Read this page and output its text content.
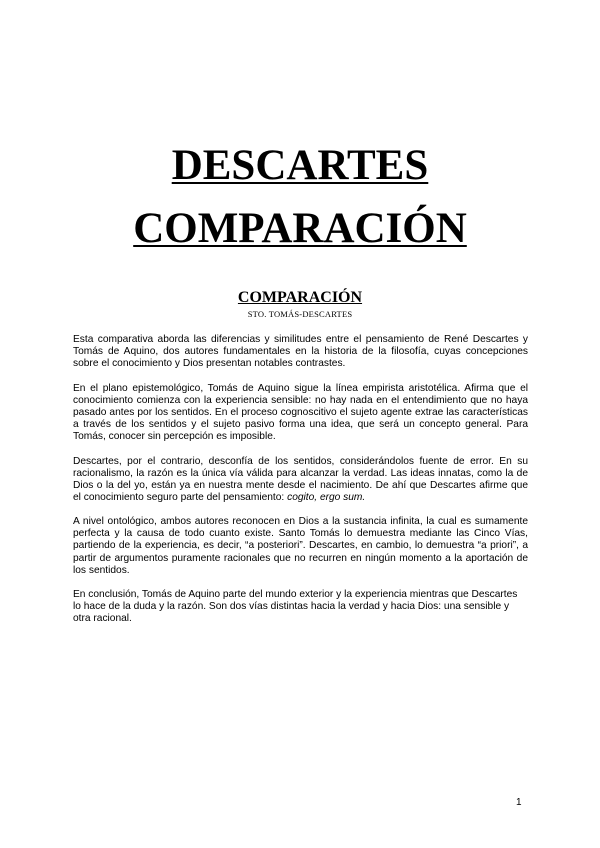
DESCARTES
COMPARACIÓN
COMPARACIÓN
STO. TOMÁS-DESCARTES

Esta comparativa aborda las diferencias y similitudes entre el pensamiento de René Descartes y Tomás de Aquino, dos autores fundamentales en la historia de la filosofía, cuyas concepciones sobre el conocimiento y Dios presentan notables contrastes.

En el plano epistemológico, Tomás de Aquino sigue la línea empirista aristotélica. Afirma que el conocimiento comienza con la experiencia sensible: no hay nada en el entendimiento que no haya pasado antes por los sentidos. En el proceso cognoscitivo el sujeto agente extrae las características a través de los sentidos y el sujeto pasivo forma una idea, que será un concepto general. Para Tomás, conocer sin percepción es imposible.

Descartes, por el contrario, desconfía de los sentidos, considerándolos fuente de error. En su racionalismo, la razón es la única vía válida para alcanzar la verdad. Las ideas innatas, como la de Dios o la del yo, están ya en nuestra mente desde el nacimiento. De ahí que Descartes afirme que el conocimiento seguro parte del pensamiento: cogito, ergo sum.

A nivel ontológico, ambos autores reconocen en Dios a la sustancia infinita, la cual es sumamente perfecta y la causa de todo cuanto existe. Santo Tomás lo demuestra mediante las Cinco Vías, partiendo de la experiencia, es decir, “a posteriori”. Descartes, en cambio, lo demuestra “a priori”, a partir de argumentos puramente racionales que no recurren en ningún momento a la aportación de los sentidos.

En conclusión, Tomás de Aquino parte del mundo exterior y la experiencia mientras que Descartes lo hace de la duda y la razón. Son dos vías distintas hacia la verdad y hacia Dios: una sensible y otra racional.

1
